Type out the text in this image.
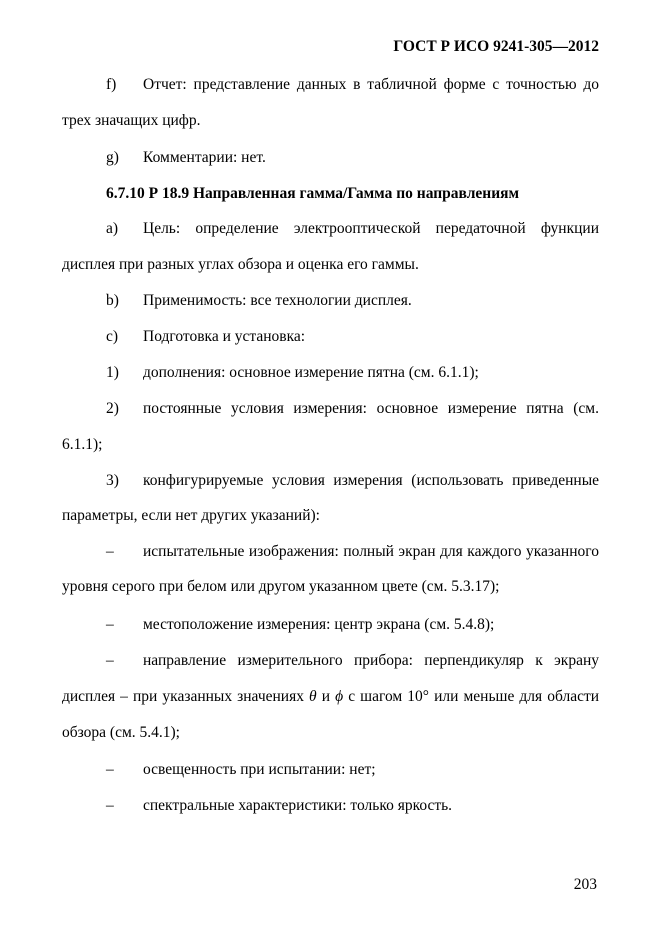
ГОСТ Р ИСО 9241-305—2012
f) Отчет: представление данных в табличной форме с точностью до
трех значащих цифр.
g) Комментарии: нет.
6.7.10 Р 18.9 Направленная гамма/Гамма по направлениям
a) Цель: определение электрооптической передаточной функции
дисплея при разных углах обзора и оценка его гаммы.
b) Применимость: все технологии дисплея.
c) Подготовка и установка:
1) дополнения: основное измерение пятна (см. 6.1.1);
2) постоянные условия измерения: основное измерение пятна (см.
6.1.1);
3) конфигурируемые условия измерения (использовать приведенные
параметры, если нет других указаний):
– испытательные изображения: полный экран для каждого указанного
уровня серого при белом или другом указанном цвете (см. 5.3.17);
– местоположение измерения: центр экрана (см. 5.4.8);
– направление измерительного прибора: перпендикуляр к экрану
дисплея – при указанных значениях θ и ϕ с шагом 10° или меньше для области
обзора (см. 5.4.1);
– освещенность при испытании: нет;
– спектральные характеристики: только яркость.
203
